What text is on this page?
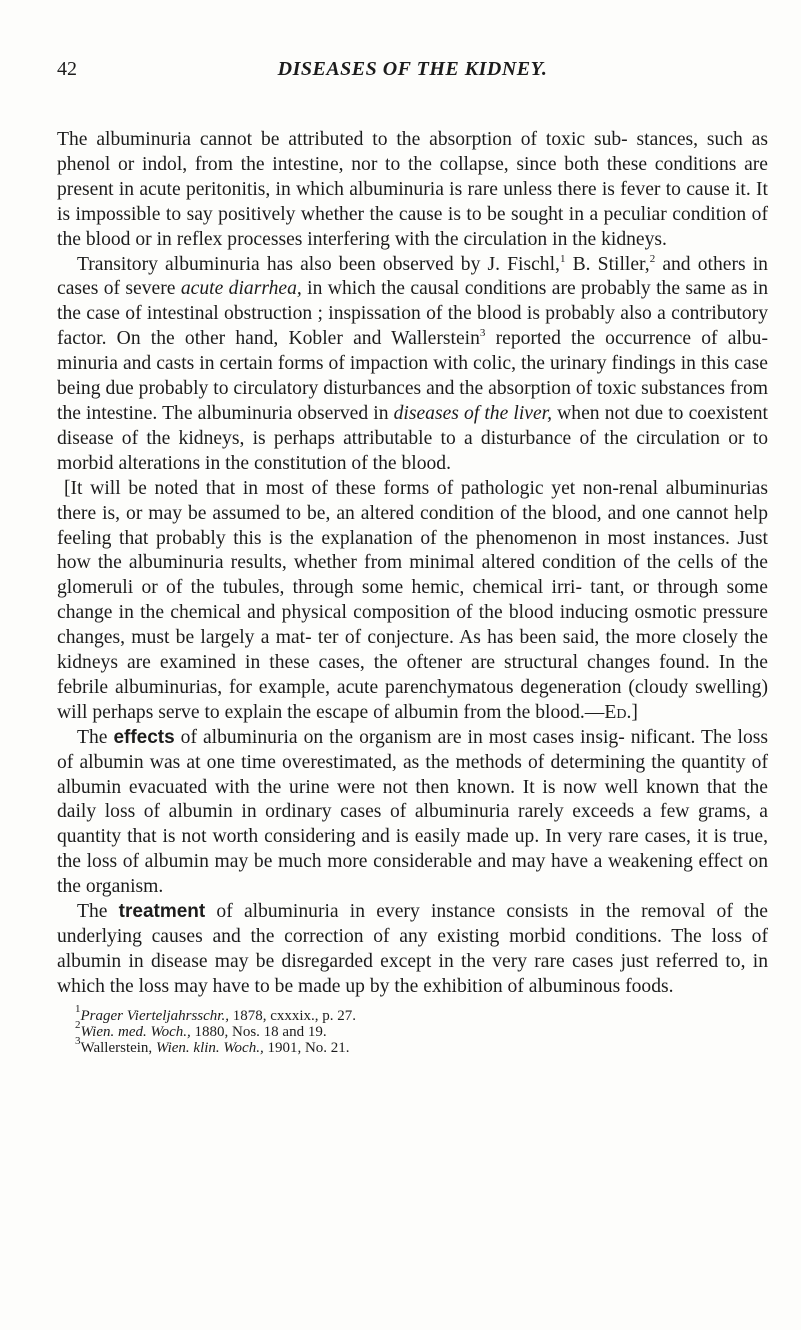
42	DISEASES OF THE KIDNEY.

The albuminuria cannot be attributed to the absorption of toxic sub- stances, such as phenol or indol, from the intestine, nor to the collapse, since both these conditions are present in acute peritonitis, in which albuminuria is rare unless there is fever to cause it. It is impossible to say positively whether the cause is to be sought in a peculiar condition of the blood or in reflex processes interfering with the circulation in the kidneys.

Transitory albuminuria has also been observed by J. Fischl,$^1$ B. Stiller,$^2$ and others in cases of severe acute diarrhea, in which the causal conditions are probably the same as in the case of intestinal obstruction ; inspissation of the blood is probably also a contributory factor. On the other hand, Kobler and Wallerstein$^3$ reported the occurrence of albu- minuria and casts in certain forms of impaction with colic, the urinary findings in this case being due probably to circulatory disturbances and the absorption of toxic substances from the intestine. The albuminuria observed in diseases of the liver, when not due to coexistent disease of the kidneys, is perhaps attributable to a disturbance of the circulation or to morbid alterations in the constitution of the blood.

[It will be noted that in most of these forms of pathologic yet non-renal albuminurias there is, or may be assumed to be, an altered condition of the blood, and one cannot help feeling that probably this is the explanation of the phenomenon in most instances. Just how the albuminuria results, whether from minimal altered condition of the cells of the glomeruli or of the tubules, through some hemic, chemical irri- tant, or through some change in the chemical and physical composition of the blood inducing osmotic pressure changes, must be largely a mat- ter of conjecture. As has been said, the more closely the kidneys are examined in these cases, the oftener are structural changes found. In the febrile albuminurias, for example, acute parenchymatous degeneration (cloudy swelling) will perhaps serve to explain the escape of albumin from the blood.—Ed.]

The effects of albuminuria on the organism are in most cases insig- nificant. The loss of albumin was at one time overestimated, as the methods of determining the quantity of albumin evacuated with the urine were not then known. It is now well known that the daily loss of albumin in ordinary cases of albuminuria rarely exceeds a few grams, a quantity that is not worth considering and is easily made up. In very rare cases, it is true, the loss of albumin may be much more considerable and may have a weakening effect on the organism.

The treatment of albuminuria in every instance consists in the removal of the underlying causes and the correction of any existing morbid conditions. The loss of albumin in disease may be disregarded except in the very rare cases just referred to, in which the loss may have to be made up by the exhibition of albuminous foods.

$^1$Prager Vierteljahrsschr., 1878, cxxxix., p. 27.

$^2$Wien. med. Woch., 1880, Nos. 18 and 19.

$^3$Wallerstein, Wien. klin. Woch., 1901, No. 21.
